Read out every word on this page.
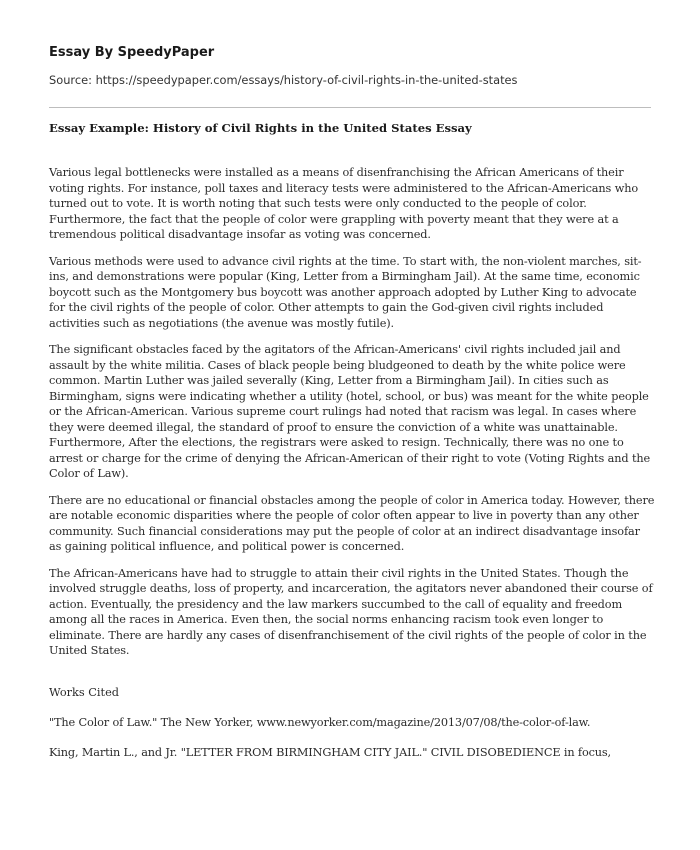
Essay By SpeedyPaper
Source: https://speedypaper.com/essays/history-of-civil-rights-in-the-united-states
Essay Example: History of Civil Rights in the United States Essay

Various legal bottlenecks were installed as a means of disenfranchising the African Americans of their voting rights. For instance, poll taxes and literacy tests were administered to the African-Americans who turned out to vote. It is worth noting that such tests were only conducted to the people of color. Furthermore, the fact that the people of color were grappling with poverty meant that they were at a tremendous political disadvantage insofar as voting was concerned.

Various methods were used to advance civil rights at the time. To start with, the non-violent marches, sit-ins, and demonstrations were popular (King, Letter from a Birmingham Jail). At the same time, economic boycott such as the Montgomery bus boycott was another approach adopted by Luther King to advocate for the civil rights of the people of color. Other attempts to gain the God-given civil rights included activities such as negotiations (the avenue was mostly futile).

The significant obstacles faced by the agitators of the African-Americans' civil rights included jail and assault by the white militia. Cases of black people being bludgeoned to death by the white police were common. Martin Luther was jailed severally (King, Letter from a Birmingham Jail). In cities such as Birmingham, signs were indicating whether a utility (hotel, school, or bus) was meant for the white people or the African-American. Various supreme court rulings had noted that racism was legal. In cases where they were deemed illegal, the standard of proof to ensure the conviction of a white was unattainable. Furthermore, After the elections, the registrars were asked to resign. Technically, there was no one to arrest or charge for the crime of denying the African-American of their right to vote (Voting Rights and the Color of Law).

There are no educational or financial obstacles among the people of color in America today. However, there are notable economic disparities where the people of color often appear to live in poverty than any other community. Such financial considerations may put the people of color at an indirect disadvantage insofar as gaining political influence, and political power is concerned.

The African-Americans have had to struggle to attain their civil rights in the United States. Though the involved struggle deaths, loss of property, and incarceration, the agitators never abandoned their course of action. Eventually, the presidency and the law markers succumbed to the call of equality and freedom among all the races in America. Even then, the social norms enhancing racism took even longer to eliminate. There are hardly any cases of disenfranchisement of the civil rights of the people of color in the United States.

Works Cited
"The Color of Law." The New Yorker, www.newyorker.com/magazine/2013/07/08/the-color-of-law.
King, Martin L., and Jr. "LETTER FROM BIRMINGHAM CITY JAIL." CIVIL DISOBEDIENCE in focus,
